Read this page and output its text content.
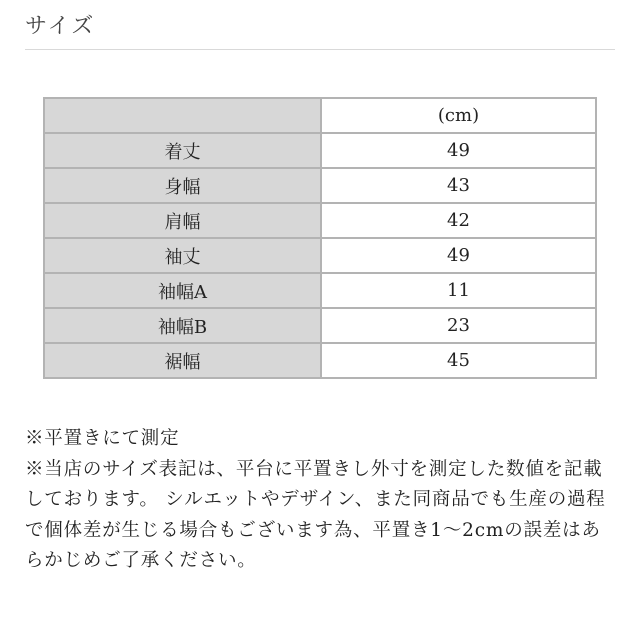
サイズ
	(cm)
着丈	49
身幅	43
肩幅	42
袖丈	49
袖幅A	11
袖幅B	23
裾幅	45

※平置きにて測定

※当店のサイズ表記は、平台に平置きし外寸を測定した数値を記載しております。 シルエットやデザイン、また同商品でも生産の過程で個体差が生じる場合もございます為、平置き1〜2cmの誤差はあらかじめご了承ください。
